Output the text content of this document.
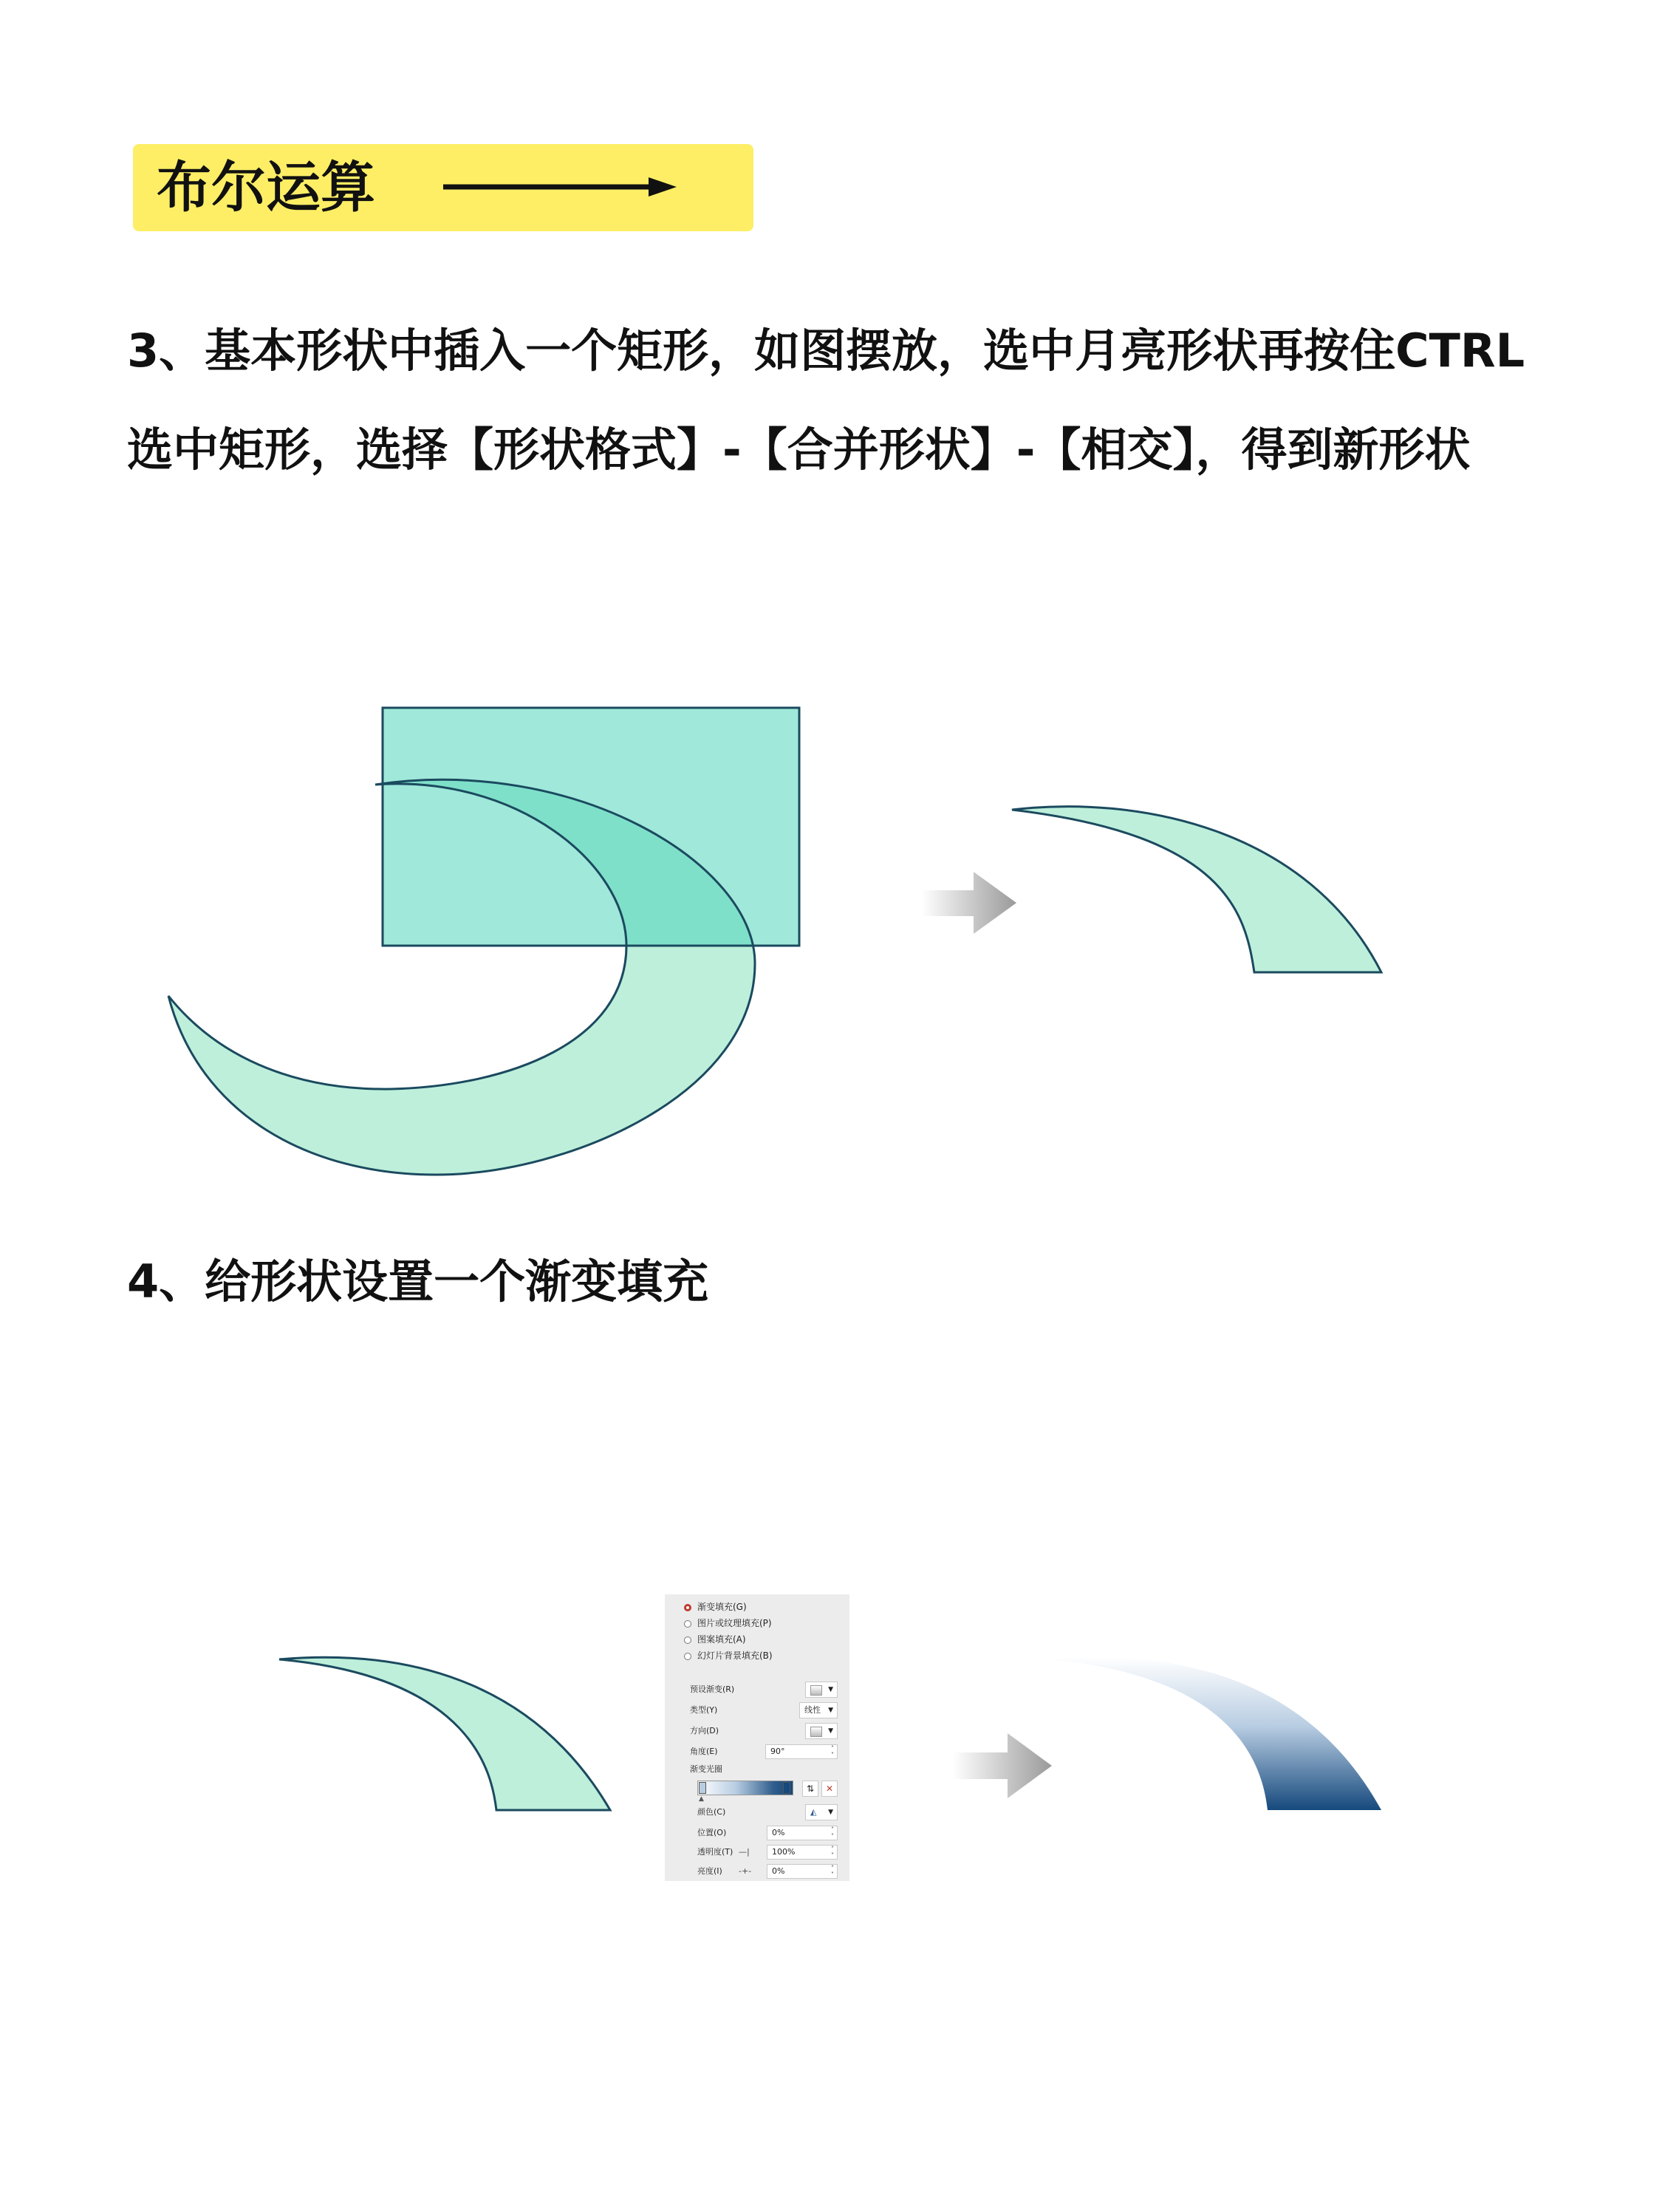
布尔运算

3、基本形状中插入一个矩形，如图摆放，选中月亮形状再按住CTRL选中矩形，选择【形状格式】-【合并形状】-【相交】，得到新形状

4、给形状设置一个渐变填充

渐变填充(G)
图片或纹理填充(P)
图案填充(A)
幻灯片背景填充(B)
预设渐变(R)	▼
类型(Y)	线性 ▼
方向(D)	▼
角度(E)	90°	˄
˅
渐变光圈
▲
⇅	✕
颜色(C)	◭ ▼
位置(O)	0%	˄
˅
透明度(T) —|	100%	˄
˅
亮度(I) -+-	0%	˄
˅
